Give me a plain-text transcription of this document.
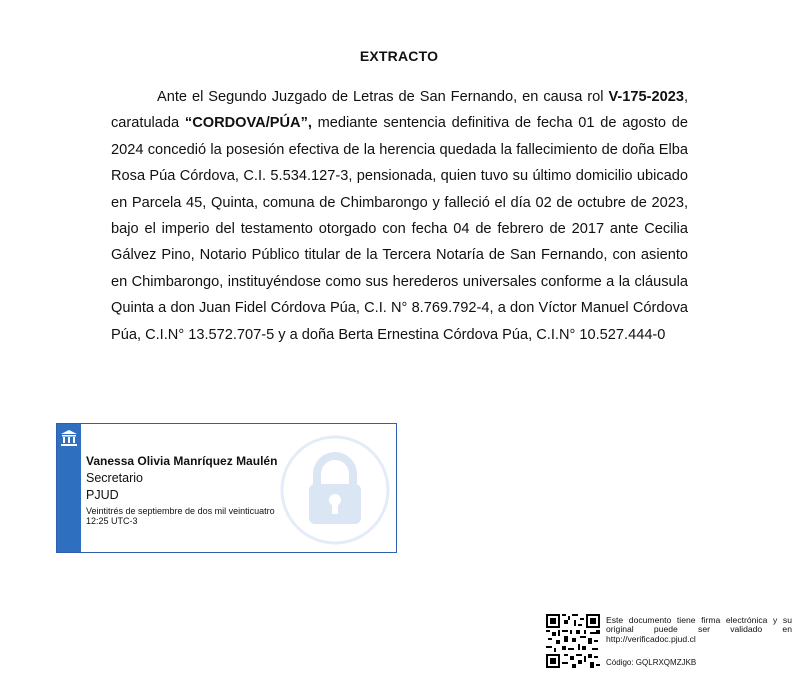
EXTRACTO
Ante el Segundo Juzgado de Letras de San Fernando, en causa rol V-175-2023, caratulada “CORDOVA/PÚA”, mediante sentencia definitiva de fecha 01 de agosto de 2024 concedió la posesión efectiva de la herencia quedada la fallecimiento de doña Elba Rosa Púa Córdova, C.I. 5.534.127-3, pensionada, quien tuvo su último domicilio ubicado en Parcela 45, Quinta, comuna de Chimbarongo y falleció el día 02 de octubre de 2023, bajo el imperio del testamento otorgado con fecha 04 de febrero de 2017 ante Cecilia Gálvez Pino, Notario Público titular de la Tercera Notaría de San Fernando, con asiento en Chimbarongo, instituyéndose como sus herederos universales conforme a la cláusula Quinta a don Juan Fidel Córdova Púa, C.I. N° 8.769.792-4, a don Víctor Manuel Córdova Púa, C.I.N° 13.572.707-5 y a doña Berta Ernestina Córdova Púa, C.I.N° 10.527.444-0
Vanessa Olivia Manríquez Maulén
Secretario
PJUD
Veintitrés de septiembre de dos mil veinticuatro
12:25 UTC-3
Este documento tiene firma electrónica y su original puede ser validado en http://verificadoc.pjud.cl
Código: GQLRXQMZJKB
